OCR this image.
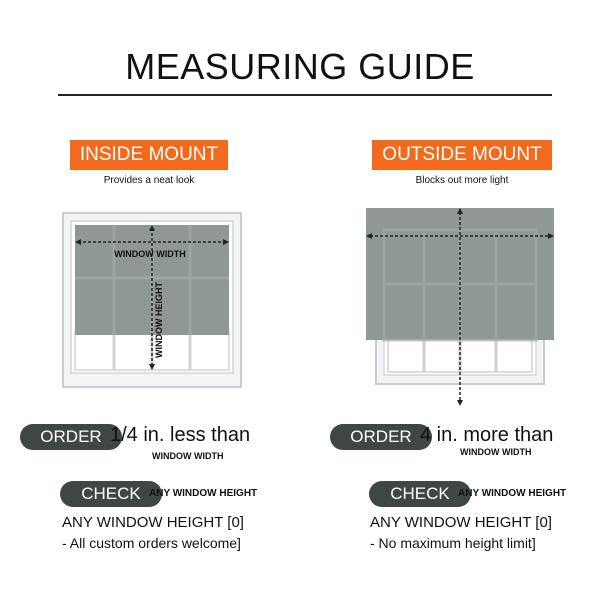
MEASURING GUIDE
INSIDE MOUNT
Provides a neat look
WINDOW WIDTH
WINDOW HEIGHT
OUTSIDE MOUNT
Blocks out more light
ORDER 1/4 in. less than
WINDOW WIDTH
CHECK ANY WINDOW HEIGHT
ANY WINDOW HEIGHT [0]
- All custom orders welcome]
ORDER 4 in. more than
WINDOW WIDTH
CHECK ANY WINDOW HEIGHT
ANY WINDOW HEIGHT [0]
- No maximum height limit]
